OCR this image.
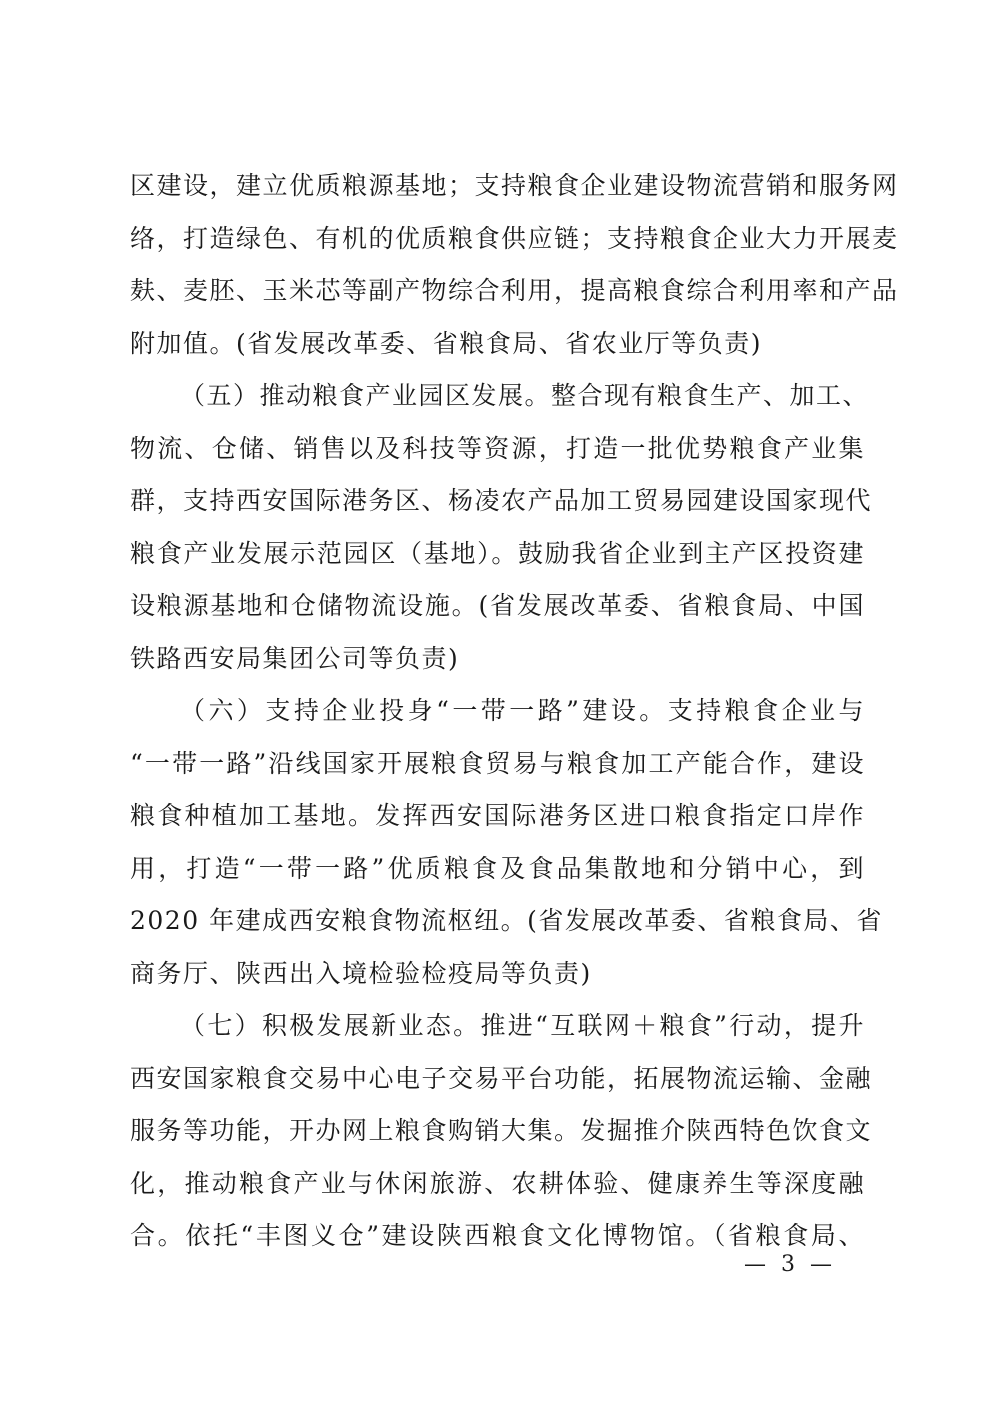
区建设，建立优质粮源基地；支持粮食企业建设物流营销和服务网
络，打造绿色、有机的优质粮食供应链；支持粮食企业大力开展麦
麸、麦胚、玉米芯等副产物综合利用，提高粮食综合利用率和产品
附加值。(省发展改革委、省粮食局、省农业厅等负责)

（五）推动粮食产业园区发展。整合现有粮食生产、加工、
物流、仓储、销售以及科技等资源，打造一批优势粮食产业集
群，支持西安国际港务区、杨凌农产品加工贸易园建设国家现代
粮食产业发展示范园区（基地）。鼓励我省企业到主产区投资建
设粮源基地和仓储物流设施。(省发展改革委、省粮食局、中国
铁路西安局集团公司等负责)

（六）支持企业投身“一带一路”建设。支持粮食企业与
“一带一路”沿线国家开展粮食贸易与粮食加工产能合作，建设
粮食种植加工基地。发挥西安国际港务区进口粮食指定口岸作
用，打造“一带一路”优质粮食及食品集散地和分销中心，到
2020 年建成西安粮食物流枢纽。(省发展改革委、省粮食局、省
商务厅、陕西出入境检验检疫局等负责)

（七）积极发展新业态。推进“互联网＋粮食”行动，提升
西安国家粮食交易中心电子交易平台功能，拓展物流运输、金融
服务等功能，开办网上粮食购销大集。发掘推介陕西特色饮食文
化，推动粮食产业与休闲旅游、农耕体验、健康养生等深度融
合。依托“丰图义仓”建设陕西粮食文化博物馆。（省粮食局、

— 3 —
